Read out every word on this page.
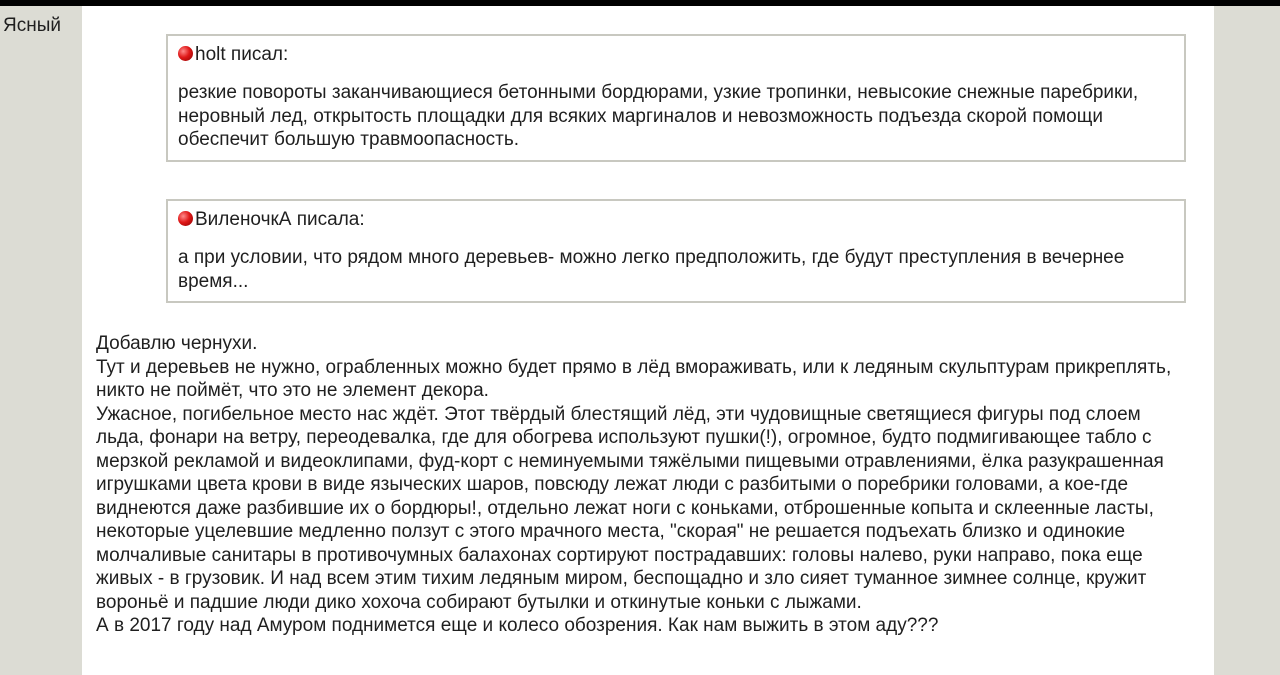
Ясный
holt писал:
резкие повороты заканчивающиеся бетонными бордюрами, узкие тропинки, невысокие снежные паребрики, неровный лед, открытость площадки для всяких маргиналов и невозможность подъезда скорой помощи обеспечит большую травмоопасность.
ВиленочкА писала:
а при условии, что рядом много деревьев- можно легко предположить, где будут преступления в вечернее время...

Добавлю чернухи.

Тут и деревьев не нужно, ограбленных можно будет прямо в лёд вмораживать, или к ледяным скульптурам прикреплять, никто не поймёт, что это не элемент декора.

Ужасное, погибельное место нас ждёт. Этот твёрдый блестящий лёд, эти чудовищные светящиеся фигуры под слоем льда, фонари на ветру, переодевалка, где для обогрева используют пушки(!), огромное, будто подмигивающее табло с мерзкой рекламой и видеоклипами, фуд-корт с неминуемыми тяжёлыми пищевыми отравлениями, ёлка разукрашенная игрушками цвета крови в виде языческих шаров, повсюду лежат люди с разбитыми о поребрики головами, а кое-где виднеются даже разбившие их о бордюры!, отдельно лежат ноги с коньками, отброшенные копыта и склеенные ласты, некоторые уцелевшие медленно ползут с этого мрачного места, "скорая" не решается подъехать близко и одинокие молчаливые санитары в противочумных балахонах сортируют пострадавших: головы налево, руки направо, пока еще живых - в грузовик. И над всем этим тихим ледяным миром, беспощадно и зло сияет туманное зимнее солнце, кружит вороньё и падшие люди дико хохоча собирают бутылки и откинутые коньки с лыжами.

А в 2017 году над Амуром поднимется еще и колесо обозрения. Как нам выжить в этом аду???
